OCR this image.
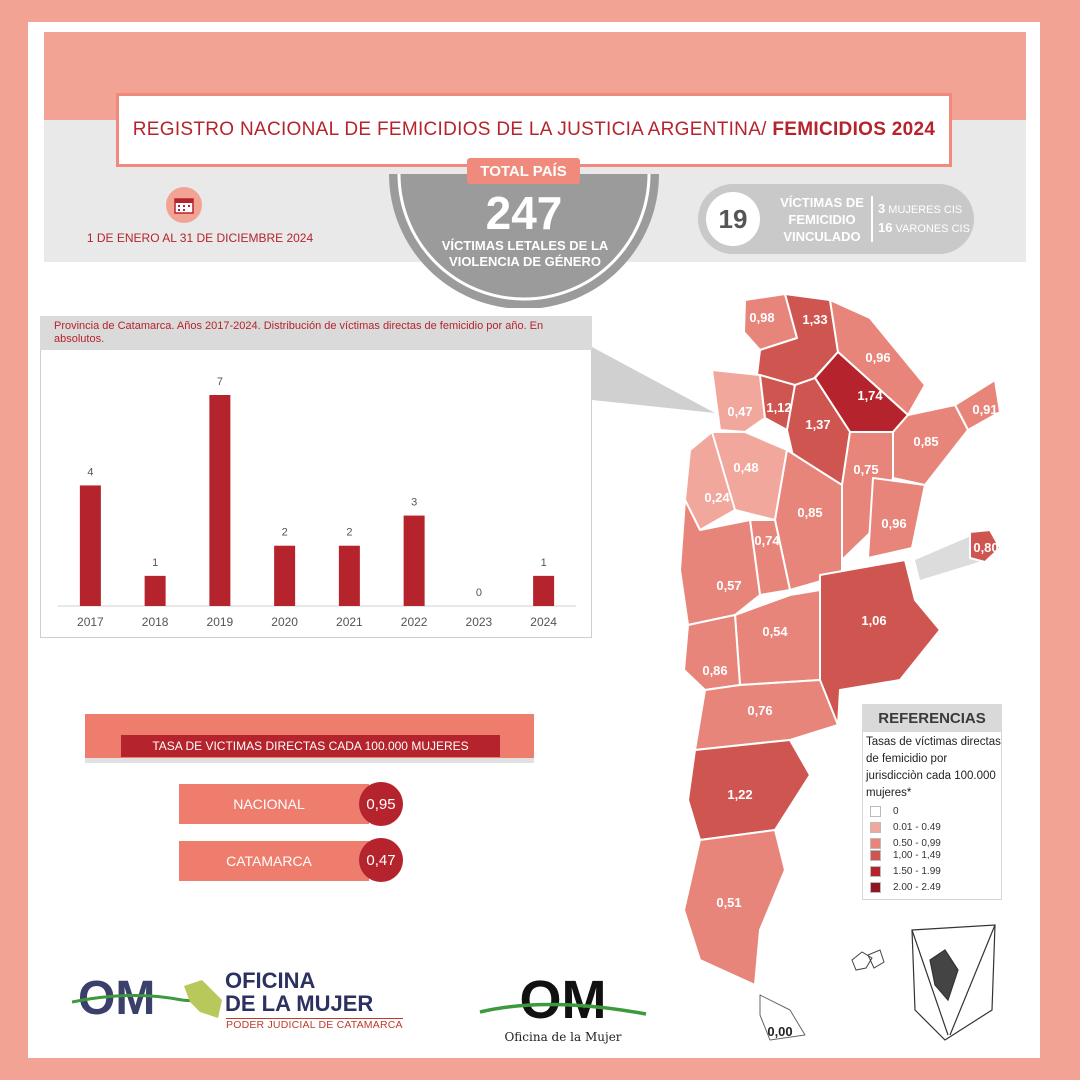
REGISTRO NACIONAL DE FEMICIDIOS DE LA JUSTICIA ARGENTINA/ FEMICIDIOS 2024
TOTAL PAÍS
247
VÍCTIMAS LETALES DE LA
VIOLENCIA DE GÉNERO
1 DE ENERO AL 31 DE DICIEMBRE 2024
19
VÍCTIMAS DE
FEMICIDIO
VINCULADO
3 MUJERES CIS
16 VARONES CIS
Provincia de Catamarca. Años 2017-2024. Distribución de víctimas directas de femicidio por año. En absolutos.
4
2017
1
2018
7
2019
2
2020
2
2021
3
2022
0
2023
1
2024
TASA DE VICTIMAS DIRECTAS CADA 100.000 MUJERES
NACIONAL	0,95
CATAMARCA	0,47
0,98 1,33
0,96
1,74
0,91
0,47 1,12
1,37
0,85
0,48	0,75
0,24
0,85
0,96
0,74	0,80
0,57
1,06
0,54
0,86
0,76
1,22
0,51
0,00
REFERENCIAS
Tasas de víctimas directas de femicidio por jurisdicciòn cada 100.000 mujeres*
0
0.01 - 0.49
0.50 - 0,99
1,00 - 1,49
1.50 - 1.99
2.00 - 2.49
OM	OFICINA
DE LA MUJER
PODER JUDICIAL DE CATAMARCA OM
Oficina de la Mujer
